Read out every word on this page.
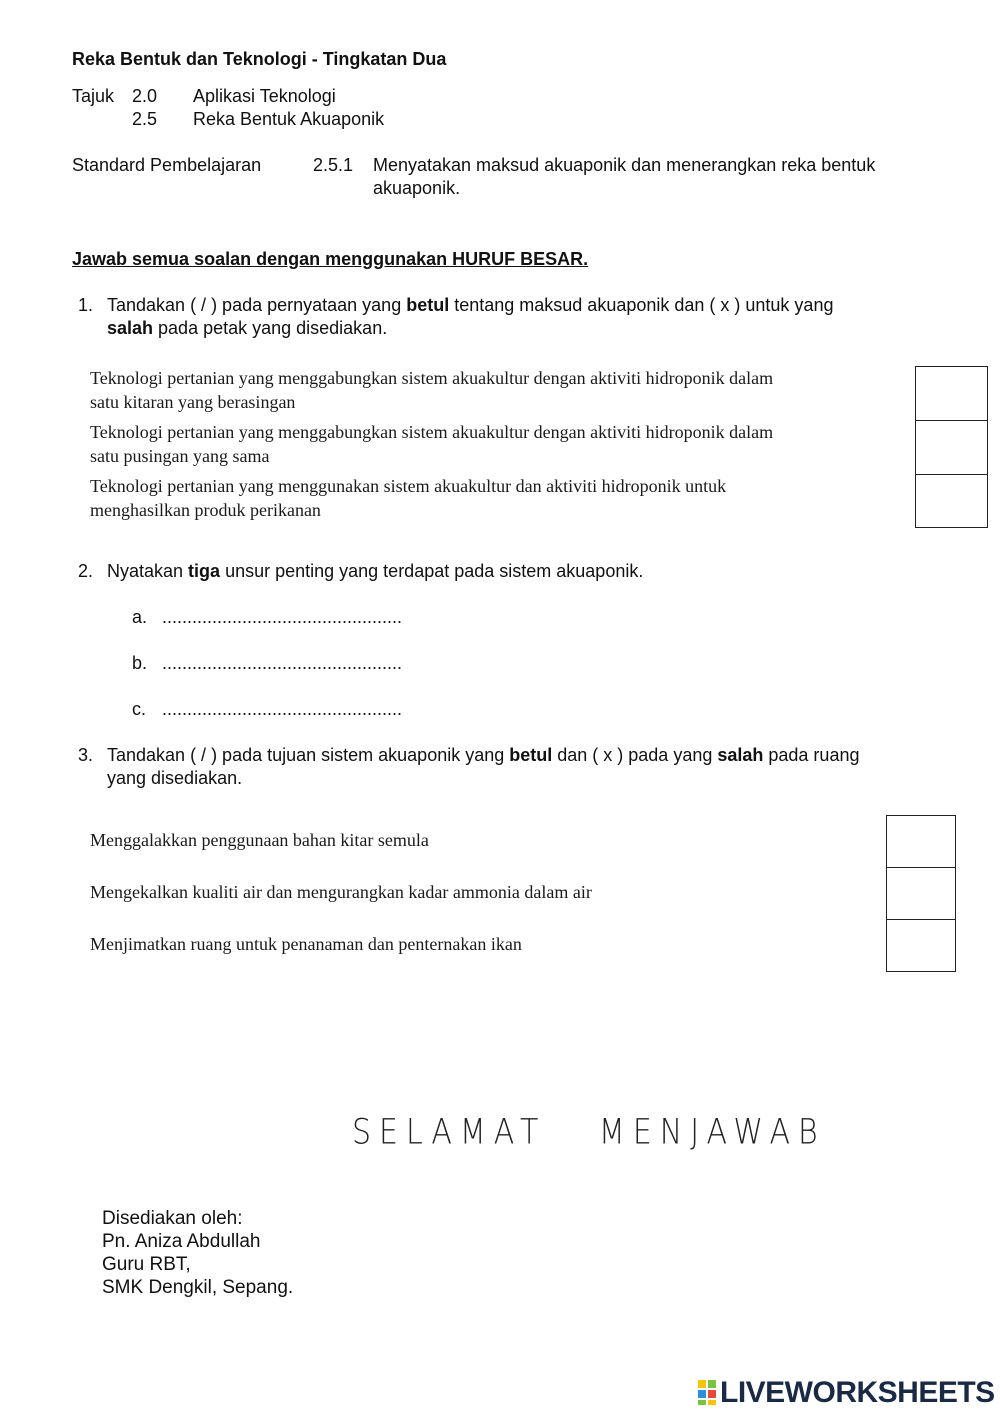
Reka Bentuk dan Teknologi - Tingkatan Dua
Tajuk 2.0 Aplikasi Teknologi
2.5 Reka Bentuk Akuaponik
Standard Pembelajaran	2.5.1 Menyatakan maksud akuaponik dan menerangkan reka bentuk
akuaponik.
Jawab semua soalan dengan menggunakan HURUF BESAR.
1. Tandakan ( / ) pada pernyataan yang betul tentang maksud akuaponik dan ( x ) untuk yang
salah pada petak yang disediakan.
Teknologi pertanian yang menggabungkan sistem akuakultur dengan aktiviti hidroponik dalam
satu kitaran yang berasingan
Teknologi pertanian yang menggabungkan sistem akuakultur dengan aktiviti hidroponik dalam
satu pusingan yang sama
Teknologi pertanian yang menggunakan sistem akuakultur dan aktiviti hidroponik untuk
menghasilkan produk perikanan
2. Nyatakan tiga unsur penting yang terdapat pada sistem akuaponik.
a. ................................................
b. ................................................
c. ................................................
3. Tandakan ( / ) pada tujuan sistem akuaponik yang betul dan ( x ) pada yang salah pada ruang
yang disediakan.
Menggalakkan penggunaan bahan kitar semula
Mengekalkan kualiti air dan mengurangkan kadar ammonia dalam air
Menjimatkan ruang untuk penanaman dan penternakan ikan
SELAMAT   MENJAWAB
Disediakan oleh:
Pn. Aniza Abdullah
Guru RBT,
SMK Dengkil, Sepang.
LIVEWORKSHEETS
